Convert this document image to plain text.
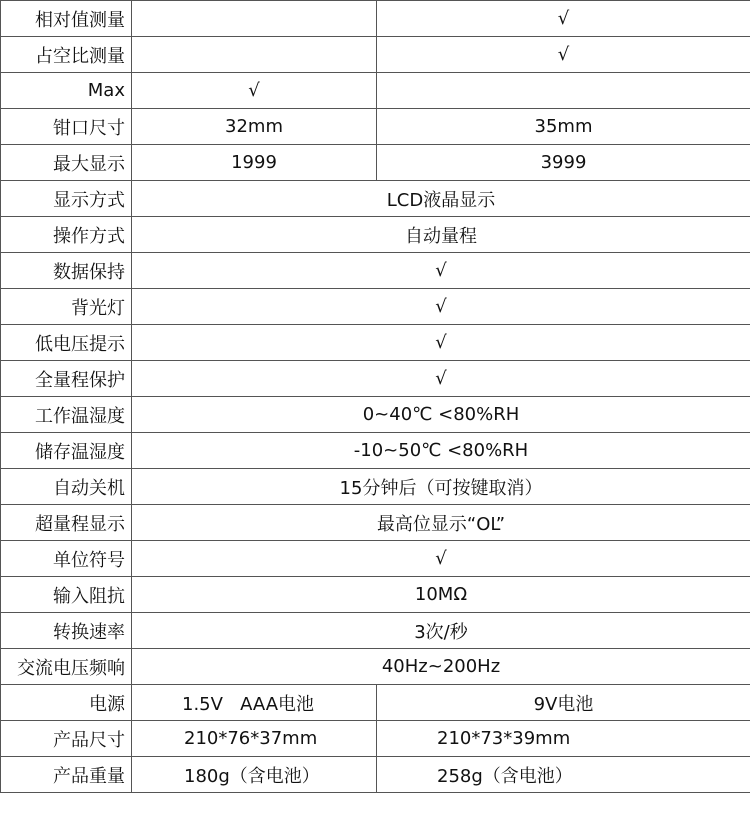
相对值测量		√
占空比测量		√
Max	√	
钳口尺寸	32mm	35mm
最大显示	1999	3999
显示方式	LCD液晶显示	
操作方式	自动量程	
数据保持	√	
背光灯	√	
低电压提示	√	
全量程保护	√	
工作温湿度	0~40℃ <80%RH	
储存温湿度	-10~50℃ <80%RH	
自动关机	15分钟后（可按键取消）	
超量程显示	最高位显示“OL”	
单位符号	√	
输入阻抗	10MΩ	
转换速率	3次/秒	
交流电压频响	40Hz~200Hz	
电源	1.5V   AAA电池	9V电池
产品尺寸	210*76*37mm	210*73*39mm
产品重量	180g（含电池）	258g（含电池）
